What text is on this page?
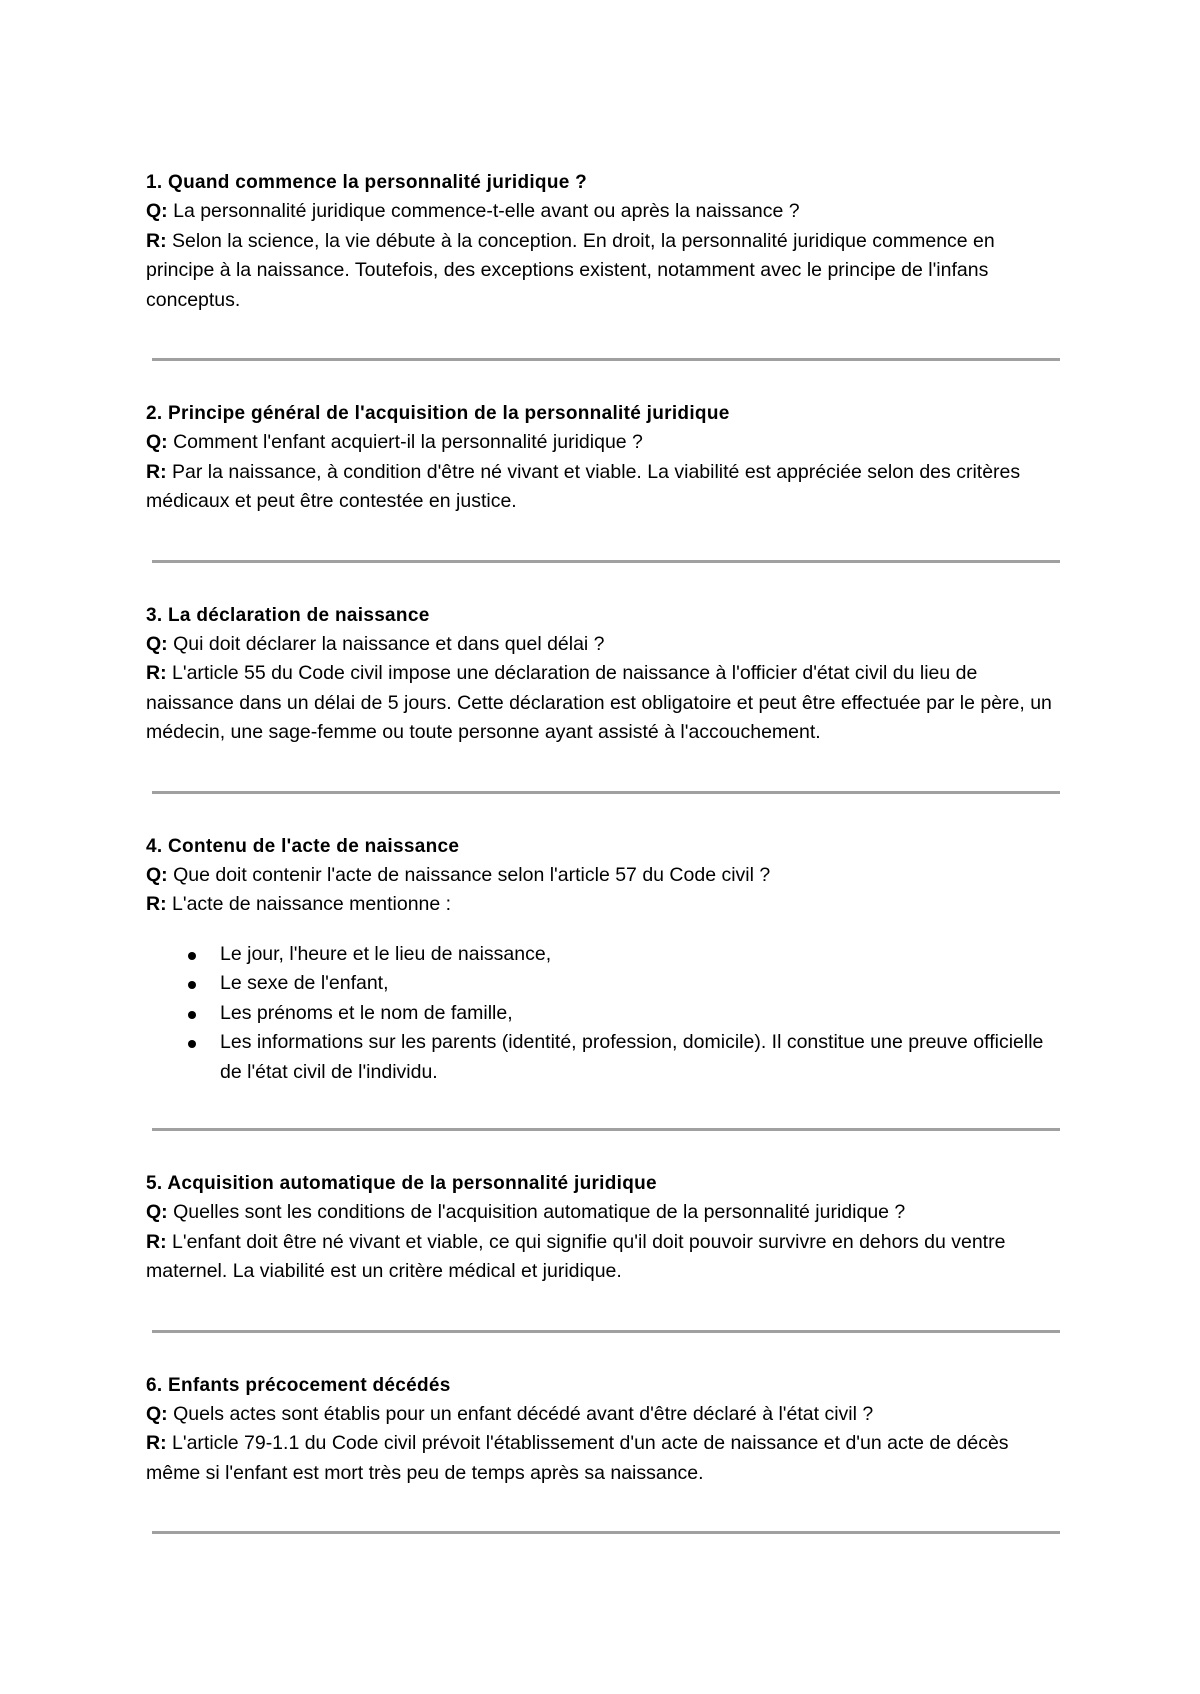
1. Quand commence la personnalité juridique ?

Q: La personnalité juridique commence-t-elle avant ou après la naissance ?

R: Selon la science, la vie débute à la conception. En droit, la personnalité juridique commence en principe à la naissance. Toutefois, des exceptions existent, notamment avec le principe de l'infans conceptus.

2. Principe général de l'acquisition de la personnalité juridique

Q: Comment l'enfant acquiert-il la personnalité juridique ?

R: Par la naissance, à condition d'être né vivant et viable. La viabilité est appréciée selon des critères médicaux et peut être contestée en justice.

3. La déclaration de naissance

Q: Qui doit déclarer la naissance et dans quel délai ?

R: L'article 55 du Code civil impose une déclaration de naissance à l'officier d'état civil du lieu de naissance dans un délai de 5 jours. Cette déclaration est obligatoire et peut être effectuée par le père, un médecin, une sage-femme ou toute personne ayant assisté à l'accouchement.

4. Contenu de l'acte de naissance

Q: Que doit contenir l'acte de naissance selon l'article 57 du Code civil ?

R: L'acte de naissance mentionne :

Le jour, l'heure et le lieu de naissance,
Le sexe de l'enfant,
Les prénoms et le nom de famille,
Les informations sur les parents (identité, profession, domicile). Il constitue une preuve officielle de l'état civil de l'individu.

5. Acquisition automatique de la personnalité juridique

Q: Quelles sont les conditions de l'acquisition automatique de la personnalité juridique ?

R: L'enfant doit être né vivant et viable, ce qui signifie qu'il doit pouvoir survivre en dehors du ventre maternel. La viabilité est un critère médical et juridique.

6. Enfants précocement décédés

Q: Quels actes sont établis pour un enfant décédé avant d'être déclaré à l'état civil ?

R: L'article 79-1.1 du Code civil prévoit l'établissement d'un acte de naissance et d'un acte de décès même si l'enfant est mort très peu de temps après sa naissance.
